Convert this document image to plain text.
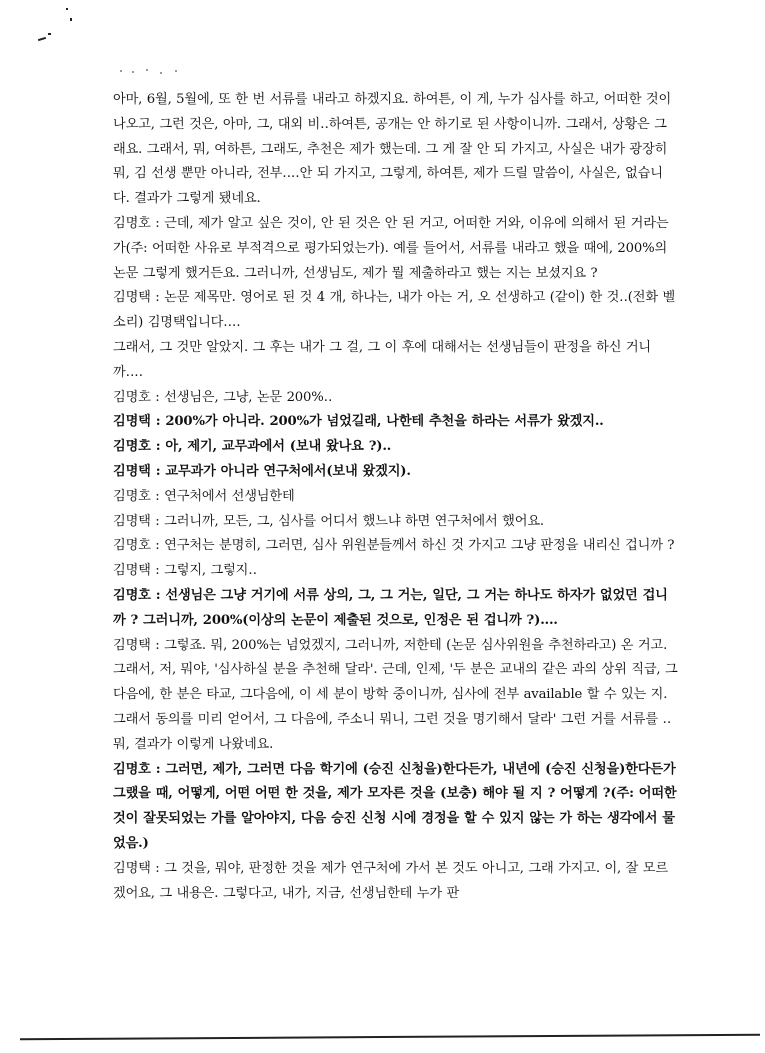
아마, 6월, 5월에, 또 한 번 서류를 내라고 하겠지요. 하여튼, 이 게, 누가 심사를 하고, 어떠한 것이 나오고, 그런 것은, 아마, 그, 대외 비‥하여튼, 공개는 안 하기로 된 사항이니까. 그래서, 상황은 그래요. 그래서, 뭐, 여하튼, 그래도, 추천은 제가 했는데. 그 게 잘 안 되 가지고, 사실은 내가 광장히 뭐, 김 선생 뿐만 아니라, 전부‥‥안 되 가지고, 그렇게, 하여튼, 제가 드릴 말씀이, 사실은, 없습니다. 결과가 그렇게 됐네요.

김명호 : 근데, 제가 알고 싶은 것이, 안 된 것은 안 된 거고, 어떠한 거와, 이유에 의해서 된 거라는가(주: 어떠한 사유로 부적격으로 평가되었는가). 예를 들어서, 서류를 내라고 했을 때에, 200%의 논문 그렇게 했거든요. 그러니까, 선생님도, 제가 뭘 제출하라고 했는 지는 보셨지요 ?

김명택 : 논문 제목만. 영어로 된 것 4 개, 하나는, 내가 아는 거, 오 선생하고 (같이) 한 것‥(전화 벨 소리) 김명택입니다‥‥

그래서, 그 것만 알았지. 그 후는 내가 그 걸, 그 이 후에 대해서는 선생님들이 판정을 하신 거니까‥‥

김명호 : 선생님은, 그냥, 논문 200%‥

김명택 : 200%가 아니라. 200%가 넘었길래, 나한테 추천을 하라는 서류가 왔겠지‥

김명호 : 아, 제기, 교무과에서 (보내 왔나요 ?)‥

김명택 : 교무과가 아니라 연구처에서(보내 왔겠지).

김명호 : 연구처에서 선생님한테

김명택 : 그러니까, 모든, 그, 심사를 어디서 했느냐 하면 연구처에서 했어요.

김명호 : 연구처는 분명히, 그러면, 심사 위원분들께서 하신 것 가지고 그냥 판정을 내리신 겁니까 ?

김명택 : 그렇지, 그렇지‥

김명호 : 선생님은 그냥 거기에 서류 상의, 그, 그 거는, 일단, 그 거는 하나도 하자가 없었던 겁니까 ? 그러니까, 200%(이상의 논문이 제출된 것으로, 인정은 된 겁니까 ?)‥‥

김명택 : 그렇죠. 뭐, 200%는 넘었겠지, 그러니까, 저한테 (논문 심사위원을 추천하라고) 온 거고. 그래서, 저, 뭐야, '심사하실 분을 추천해 달라'. 근데, 인제, '두 분은 교내의 같은 과의 상위 직급, 그 다음에, 한 분은 타교, 그다음에, 이 세 분이 방학 중이니까, 심사에 전부 available 할 수 있는 지. 그래서 동의를 미리 얻어서, 그 다음에, 주소니 뭐니, 그런 것을 명기해서 달라' 그런 거를 서류를 ‥ 뭐, 결과가 이렇게 나왔네요.

김명호 : 그러면, 제가, 그러면 다음 학기에 (승진 신청을)한다든가, 내년에 (승진 신청을)한다든가 그랬을 때, 어떻게, 어떤 어떤 한 것을, 제가 모자른 것을 (보충) 해야 될 지 ? 어떻게 ?(주: 어떠한 것이 잘못되었는 가를 알아야지, 다음 승진 신청 시에 경정을 할 수 있지 않는 가 하는 생각에서 물었음.)

김명택 : 그 것을, 뭐야, 판정한 것을 제가 연구처에 가서 본 것도 아니고, 그래 가지고. 이, 잘 모르겠어요, 그 내용은. 그렇다고, 내가, 지금, 선생님한테 누가 판
